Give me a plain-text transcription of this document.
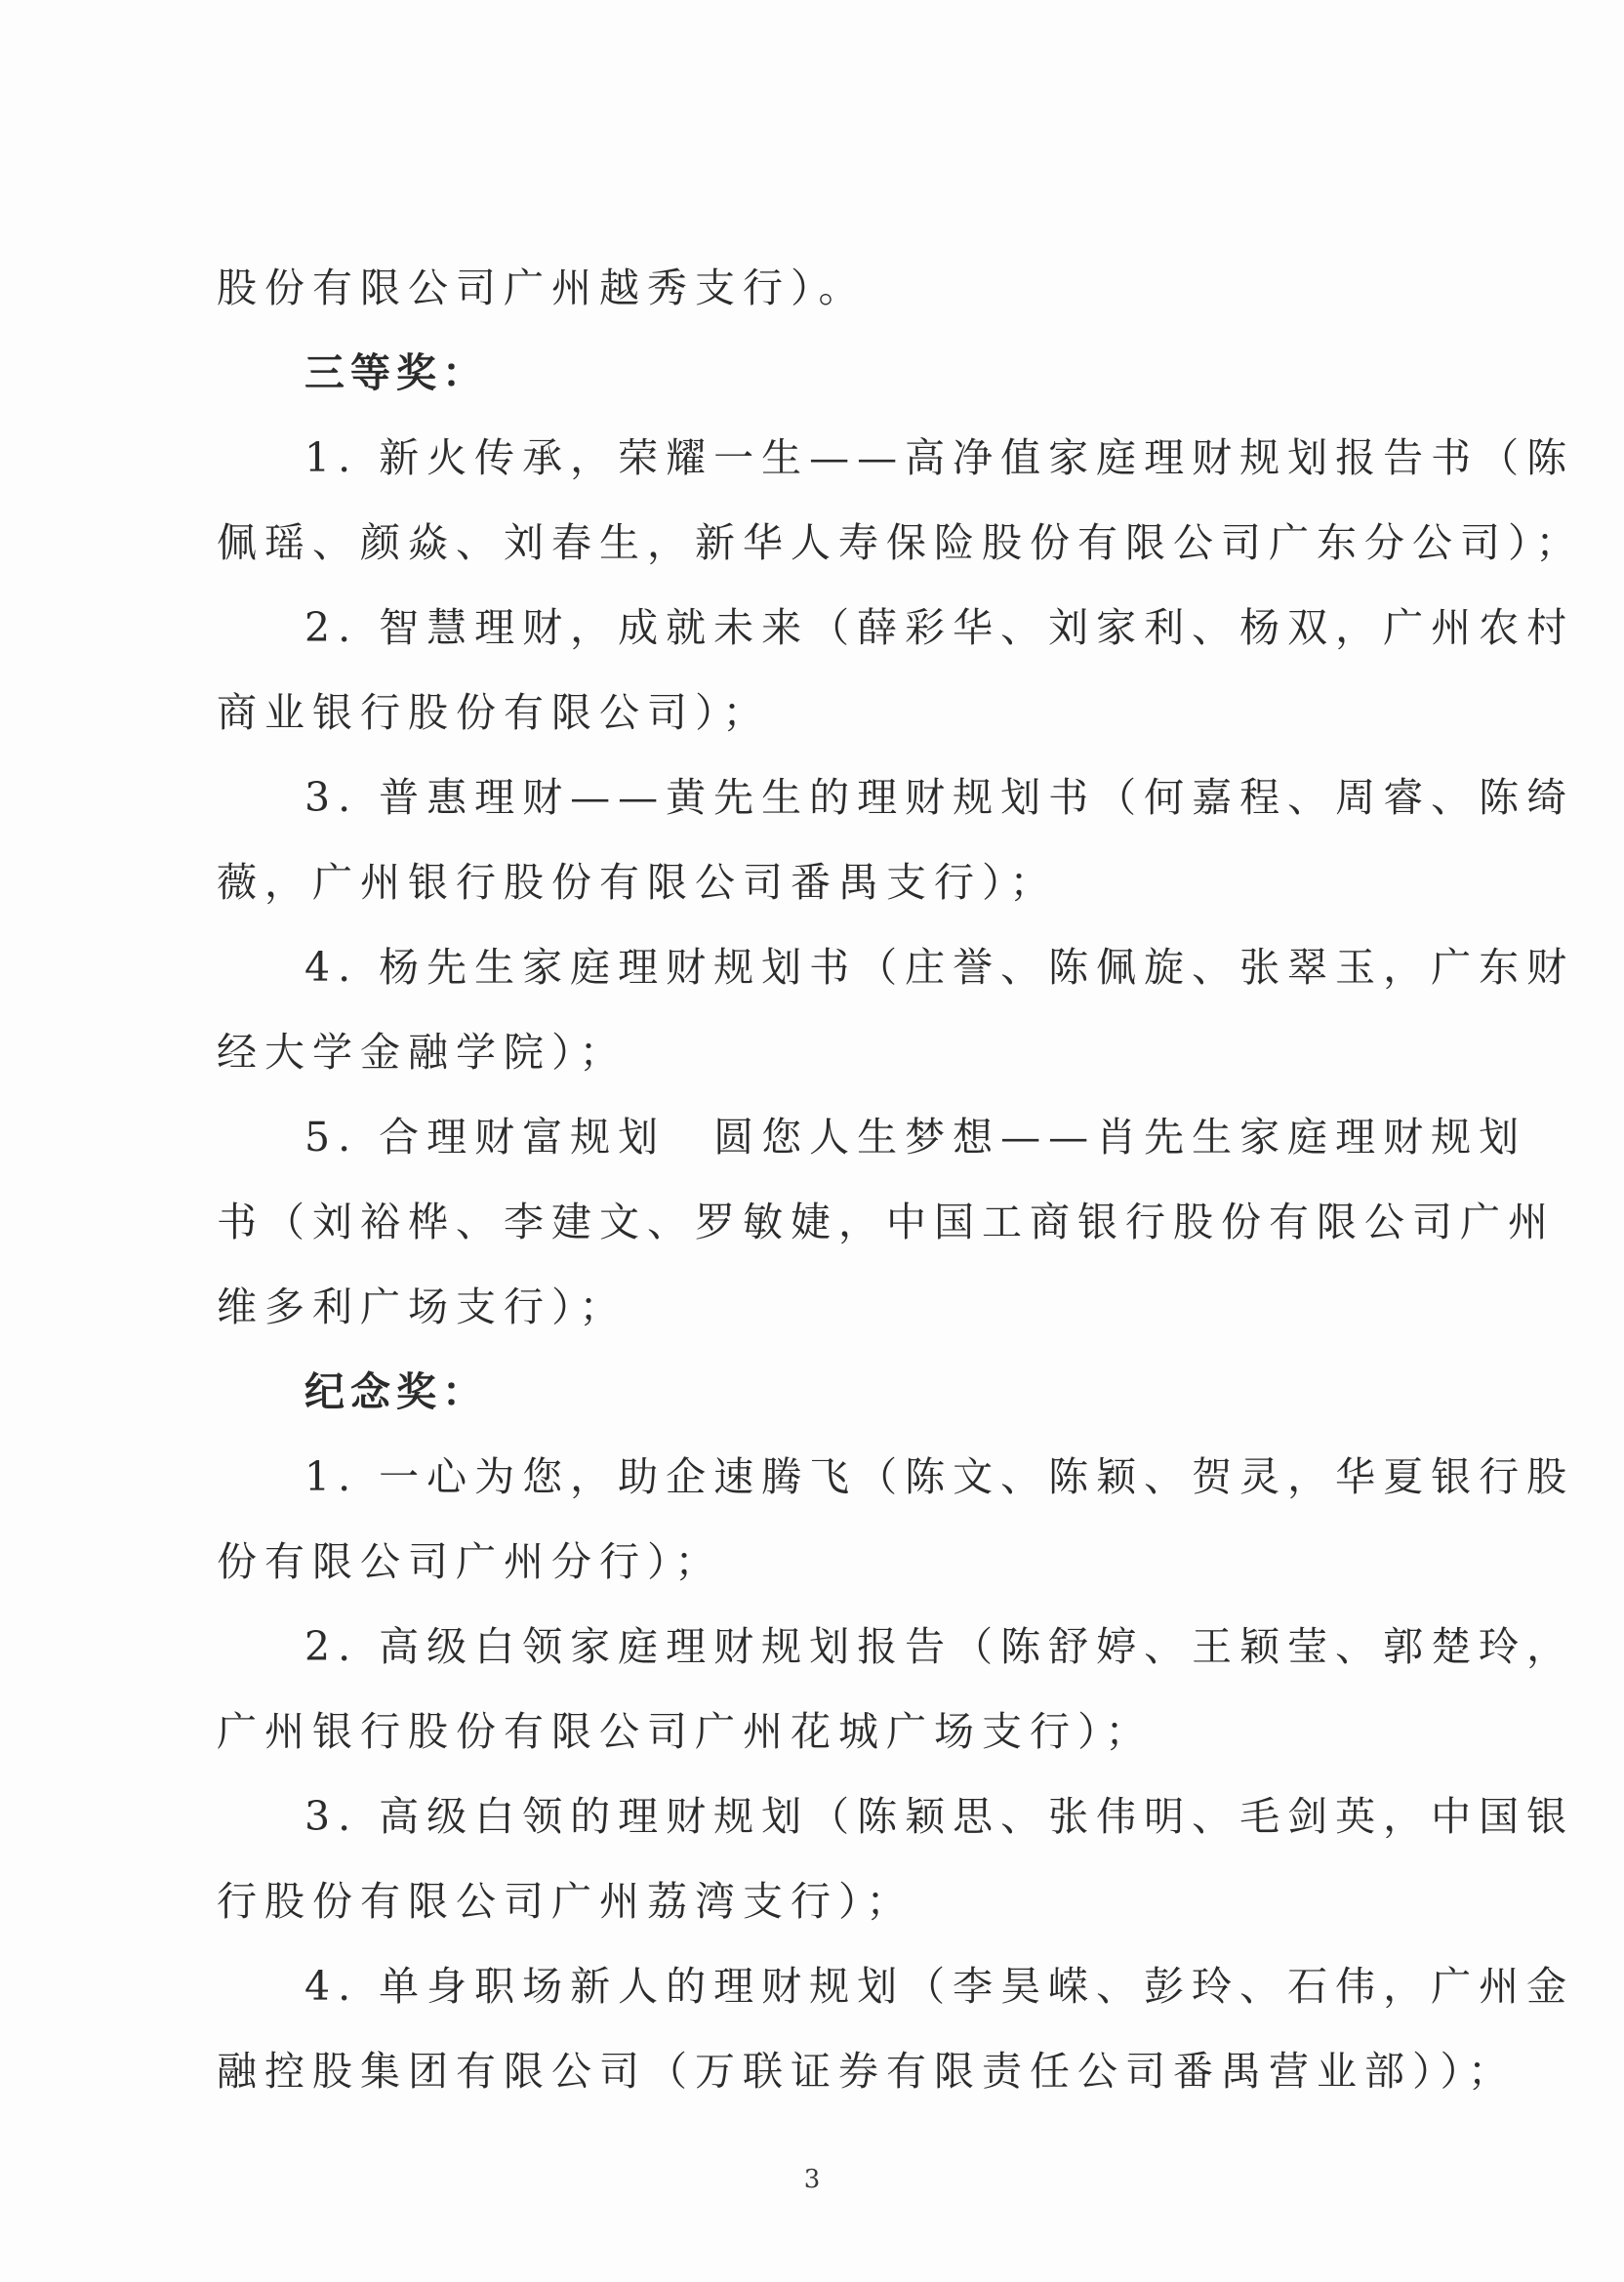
股份有限公司广州越秀支行）。
三等奖：
1. 新火传承，荣耀一生——高净值家庭理财规划报告书（陈
佩瑶、颜焱、刘春生，新华人寿保险股份有限公司广东分公司）；
2. 智慧理财，成就未来（薛彩华、刘家利、杨双，广州农村
商业银行股份有限公司）；
3. 普惠理财——黄先生的理财规划书（何嘉程、周睿、陈绮
薇，广州银行股份有限公司番禺支行）；
4. 杨先生家庭理财规划书（庄誉、陈佩旋、张翠玉，广东财
经大学金融学院）；
5. 合理财富规划　圆您人生梦想——肖先生家庭理财规划
书（刘裕桦、李建文、罗敏婕，中国工商银行股份有限公司广州
维多利广场支行）；
纪念奖：
1. 一心为您，助企速腾飞（陈文、陈颖、贺灵，华夏银行股
份有限公司广州分行）；
2. 高级白领家庭理财规划报告（陈舒婷、王颖莹、郭楚玲，
广州银行股份有限公司广州花城广场支行）；
3. 高级白领的理财规划（陈颖思、张伟明、毛剑英，中国银
行股份有限公司广州荔湾支行）；
4. 单身职场新人的理财规划（李昊嵘、彭玲、石伟，广州金
融控股集团有限公司（万联证券有限责任公司番禺营业部））；
3
